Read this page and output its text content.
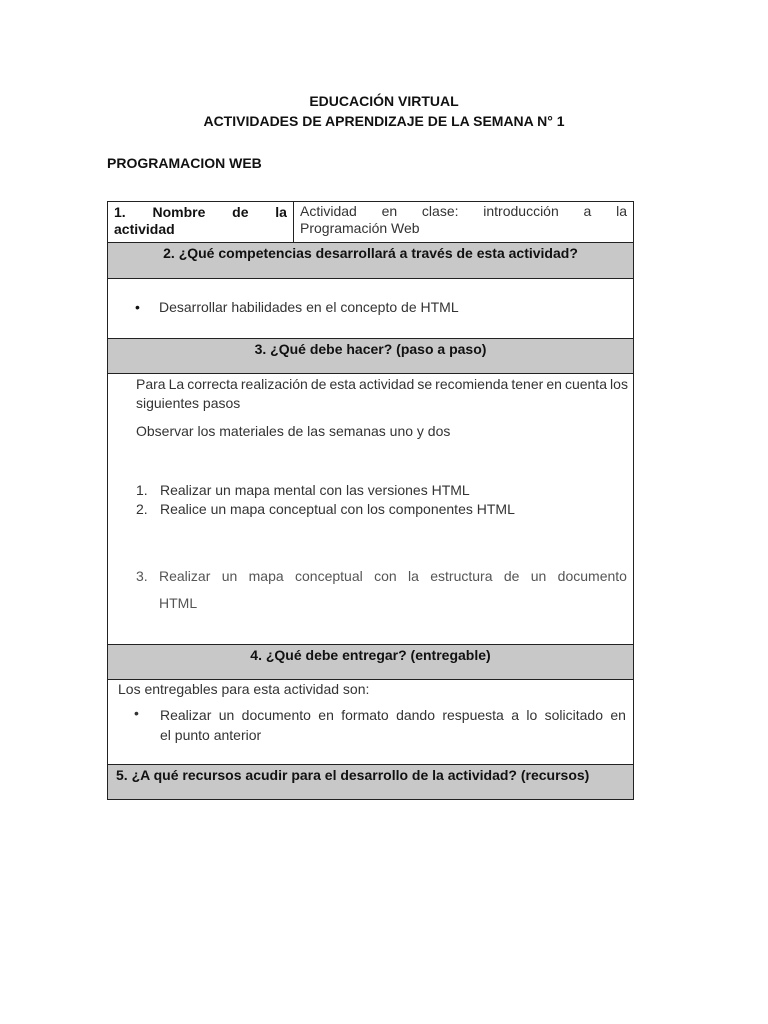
EDUCACIÓN VIRTUAL
ACTIVIDADES DE APRENDIZAJE DE LA SEMANA N° 1
PROGRAMACION WEB
1. Nombre de la
actividad
Actividad en clase: introducción a la
Programación Web
2. ¿Qué competencias desarrollará a través de esta actividad?
• Desarrollar habilidades en el concepto de HTML
3. ¿Qué debe hacer? (paso a paso)
Para La correcta realización de esta actividad se recomienda tener en cuenta los
siguientes pasos
Observar los materiales de las semanas uno y dos
1. Realizar un mapa mental con las versiones HTML
2. Realice un mapa conceptual con los componentes HTML
3. Realizar un mapa conceptual con la estructura de un documento
HTML
4. ¿Qué debe entregar? (entregable)
Los entregables para esta actividad son:
• Realizar un documento en formato dando respuesta a lo solicitado en
el punto anterior
5. ¿A qué recursos acudir para el desarrollo de la actividad? (recursos)
